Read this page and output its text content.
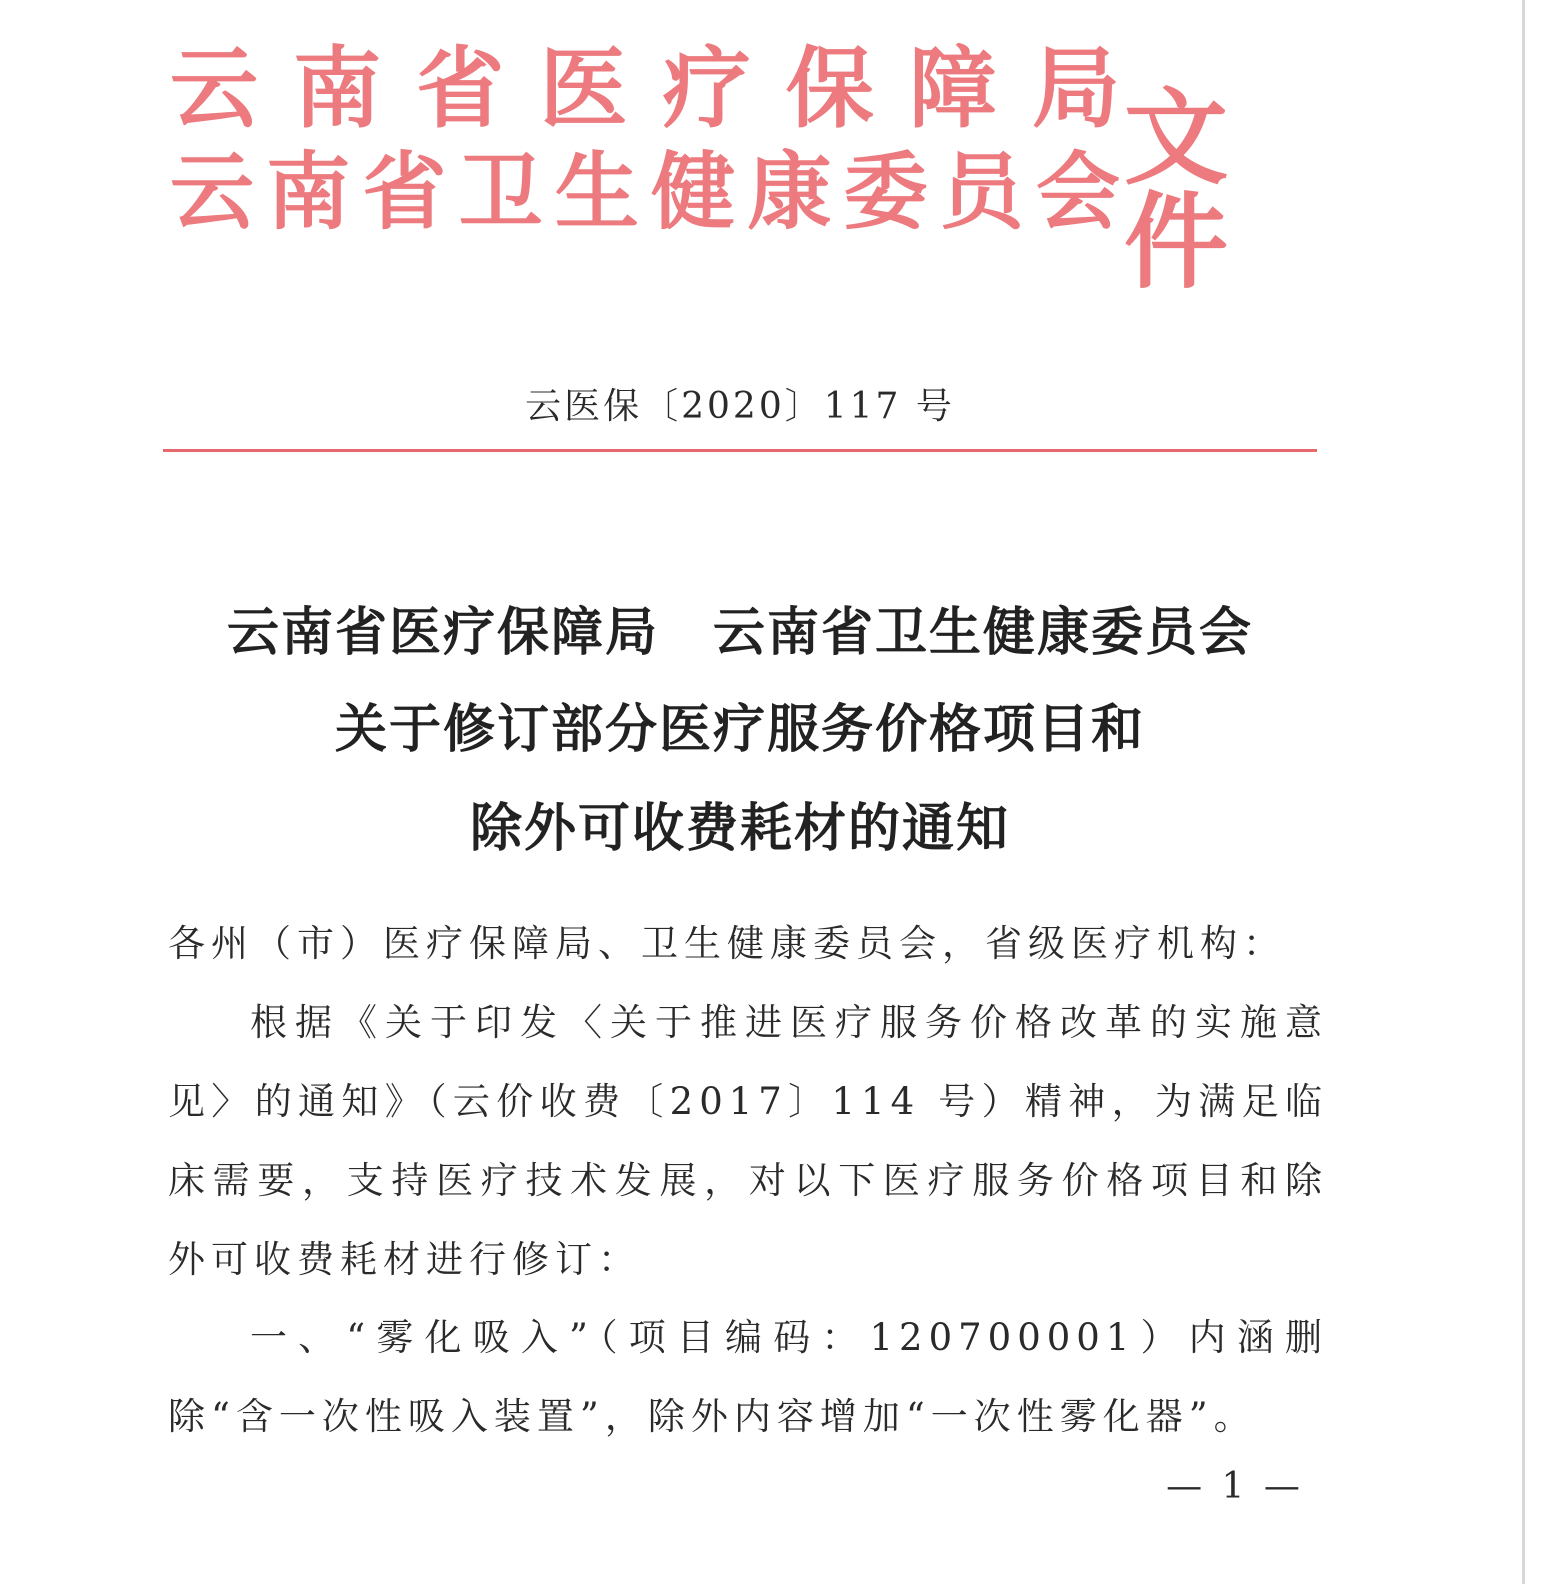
云 南 省 医 疗 保 障 局
云 南 省 卫 生 健 康 委 员 会 文件
云医保〔2020〕117 号
云南省医疗保障局　云南省卫生健康委员会
关于修订部分医疗服务价格项目和
除外可收费耗材的通知
各州（市）医疗保障局、卫生健康委员会，省级医疗机构：
根据《关于印发〈关于推进医疗服务价格改革的实施意见〉的通知》（云价收费〔2017〕114 号）精神，为满足临床需要，支持医疗技术发展，对以下医疗服务价格项目和除外可收费耗材进行修订：
一、“雾化吸入”（项目编码：120700001）内涵删除“含一次性吸入装置”，除外内容增加“一次性雾化器”。
— 1 —
